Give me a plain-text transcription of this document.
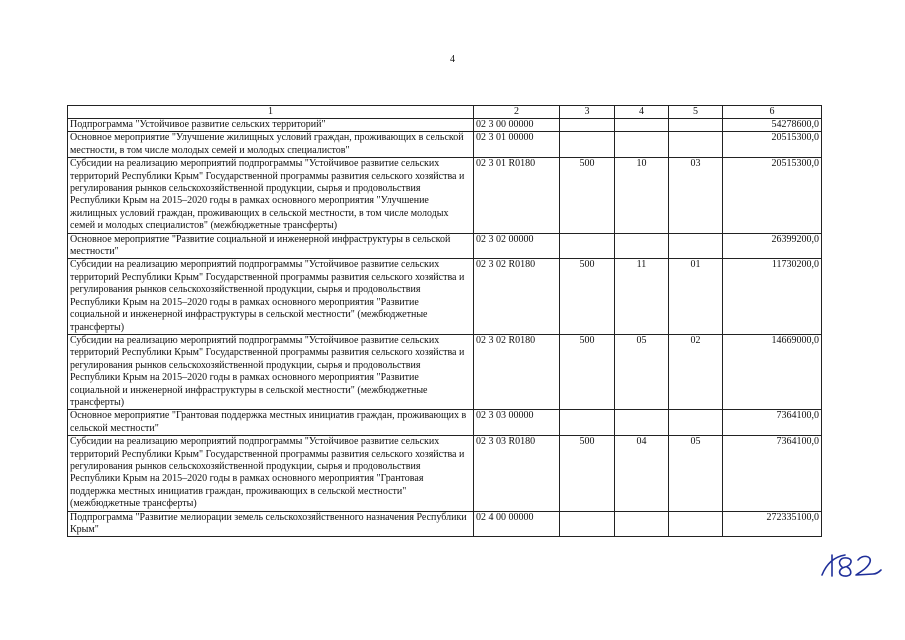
4
1	2	3	4	5	6
Подпрограмма "Устойчивое развитие сельских территорий"	02 3 00 00000				54278600,0
Основное мероприятие "Улучшение жилищных условий граждан, проживающих в сельской местности, в том числе молодых семей и молодых специалистов"	02 3 01 00000				20515300,0
Субсидии на реализацию мероприятий подпрограммы "Устойчивое развитие сельских территорий Республики Крым" Государственной программы развития сельского хозяйства и регулирования рынков сельскохозяйственной продукции, сырья и продовольствия Республики Крым на 2015–2020 годы в рамках основного мероприятия "Улучшение жилищных условий граждан, проживающих в сельской местности, в том числе молодых семей и молодых специалистов" (межбюджетные трансферты)	02 3 01 R0180	500	10	03	20515300,0
Основное мероприятие "Развитие социальной и инженерной инфраструктуры в сельской местности"	02 3 02 00000				26399200,0
Субсидии на реализацию мероприятий подпрограммы "Устойчивое развитие сельских территорий Республики Крым" Государственной программы развития сельского хозяйства и регулирования рынков сельскохозяйственной продукции, сырья и продовольствия Республики Крым на 2015–2020 годы в рамках основного мероприятия "Развитие социальной и инженерной инфраструктуры в сельской местности" (межбюджетные трансферты)	02 3 02 R0180	500	11	01	11730200,0
Субсидии на реализацию мероприятий подпрограммы "Устойчивое развитие сельских территорий Республики Крым" Государственной программы развития сельского хозяйства и регулирования рынков сельскохозяйственной продукции, сырья и продовольствия Республики Крым на 2015–2020 годы в рамках основного мероприятия "Развитие социальной и инженерной инфраструктуры в сельской местности" (межбюджетные трансферты)	02 3 02 R0180	500	05	02	14669000,0
Основное мероприятие "Грантовая поддержка местных инициатив граждан, проживающих в сельской местности"	02 3 03 00000				7364100,0
Субсидии на реализацию мероприятий подпрограммы "Устойчивое развитие сельских территорий Республики Крым" Государственной программы развития сельского хозяйства и регулирования рынков сельскохозяйственной продукции, сырья и продовольствия Республики Крым на 2015–2020 годы в рамках основного мероприятия "Грантовая поддержка местных инициатив граждан, проживающих в сельской местности" (межбюджетные трансферты)	02 3 03 R0180	500	04	05	7364100,0
Подпрограмма "Развитие мелиорации земель сельскохозяйственного назначения Республики Крым"	02 4 00 00000				272335100,0
